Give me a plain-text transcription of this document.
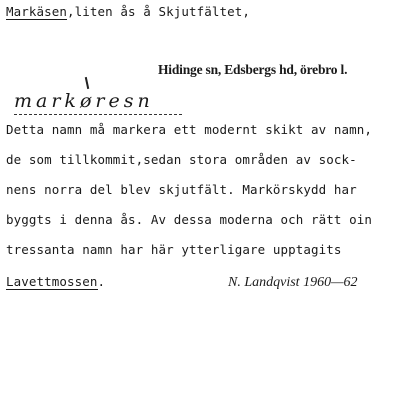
Markäsen,liten ås å Skjutfältet,
Hidinge sn, Edsbergs hd, örebro l.
markøresn
Detta namn må markera ett modernt skikt av namn,
de som tillkommit,sedan stora områden av sock-
nens norra del blev skjutfält. Markörskydd har
byggts i denna ås. Av dessa moderna och rätt oin
tressanta namn har här ytterligare upptagits
Lavettmossen.	N. Landqvist 1960—62
